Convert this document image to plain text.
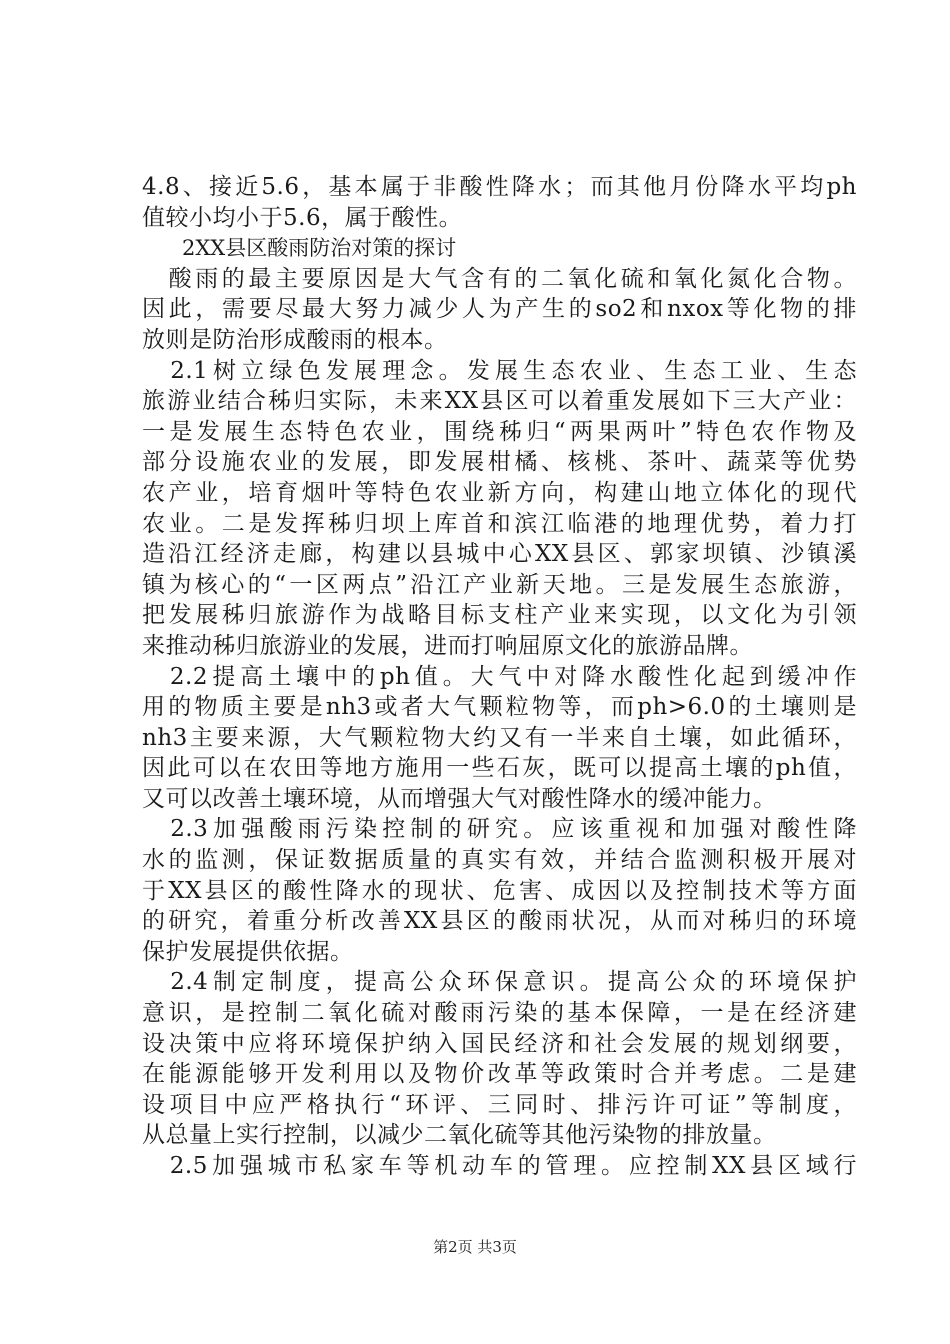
4.8、接近5.6，基本属于非酸性降水；而其他月份降水平均ph
值较小均小于5.6，属于酸性。
2XX县区酸雨防治对策的探讨
　酸雨的最主要原因是大气含有的二氧化硫和氧化氮化合物。
因此，需要尽最大努力减少人为产生的so2和nxox等化物的排
放则是防治形成酸雨的根本。
　2.1树立绿色发展理念。发展生态农业、生态工业、生态
旅游业结合秭归实际，未来XX县区可以着重发展如下三大产业：
一是发展生态特色农业，围绕秭归“两果两叶”特色农作物及
部分设施农业的发展，即发展柑橘、核桃、茶叶、蔬菜等优势
农产业，培育烟叶等特色农业新方向，构建山地立体化的现代
农业。二是发挥秭归坝上库首和滨江临港的地理优势，着力打
造沿江经济走廊，构建以县城中心XX县区、郭家坝镇、沙镇溪
镇为核心的“一区两点”沿江产业新天地。三是发展生态旅游，
把发展秭归旅游作为战略目标支柱产业来实现，以文化为引领
来推动秭归旅游业的发展，进而打响屈原文化的旅游品牌。
　2.2提高土壤中的ph值。大气中对降水酸性化起到缓冲作
用的物质主要是nh3或者大气颗粒物等，而ph>6.0的土壤则是
nh3主要来源，大气颗粒物大约又有一半来自土壤，如此循环，
因此可以在农田等地方施用一些石灰，既可以提高土壤的ph值，
又可以改善土壤环境，从而增强大气对酸性降水的缓冲能力。
　2.3加强酸雨污染控制的研究。应该重视和加强对酸性降
水的监测，保证数据质量的真实有效，并结合监测积极开展对
于XX县区的酸性降水的现状、危害、成因以及控制技术等方面
的研究，着重分析改善XX县区的酸雨状况，从而对秭归的环境
保护发展提供依据。
　2.4制定制度，提高公众环保意识。提高公众的环境保护
意识，是控制二氧化硫对酸雨污染的基本保障，一是在经济建
设决策中应将环境保护纳入国民经济和社会发展的规划纲要，
在能源能够开发利用以及物价改革等政策时合并考虑。二是建
设项目中应严格执行“环评、三同时、排污许可证”等制度，
从总量上实行控制，以减少二氧化硫等其他污染物的排放量。
　2.5加强城市私家车等机动车的管理。应控制XX县区域行
第2页 共3页
